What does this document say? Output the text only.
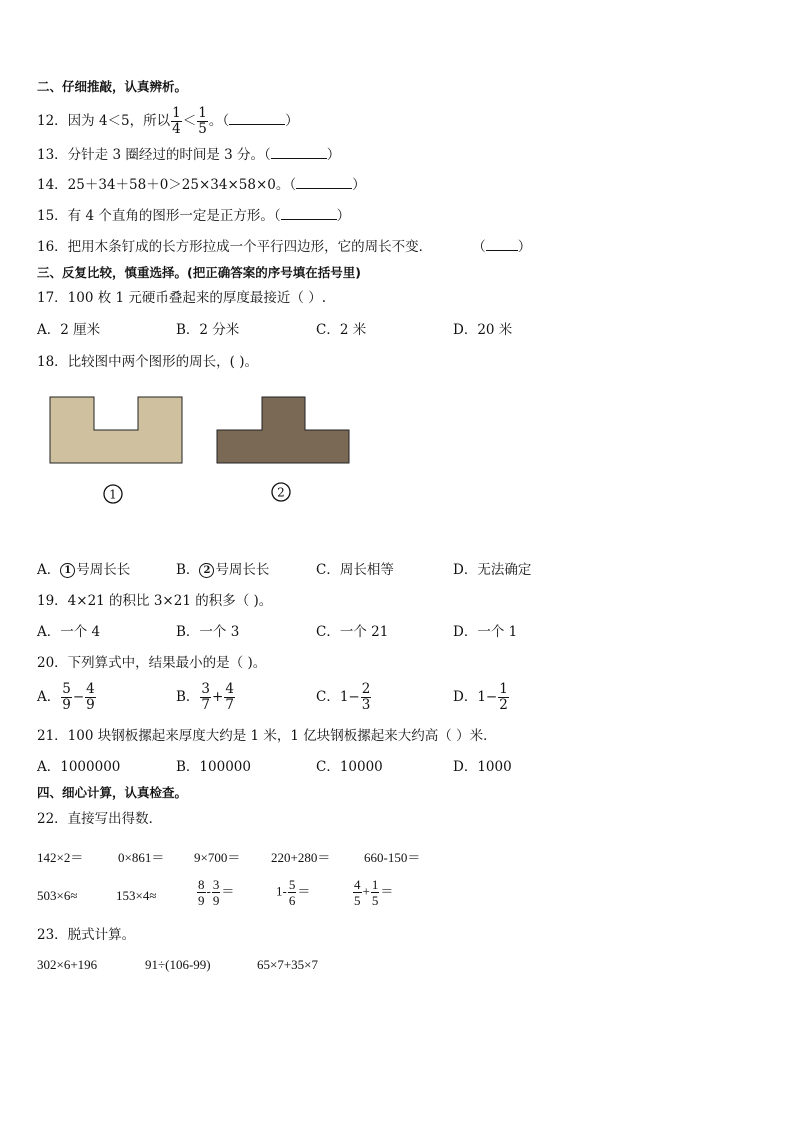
二、仔细推敲，认真辨析。
12．因为 4＜5，所以 $\frac{1}{4} < \frac{1}{5}$ 。（	）
13．分针走 3 圈经过的时间是 3 分。（	）
14．25＋34＋58＋0＞25×34×58×0。（	）
15．有 4 个直角的图形一定是正方形。（	）
16．把用木条钉成的长方形拉成一个平行四边形，它的周长不变．	（ ）
三、反复比较，慎重选择。(把正确答案的序号填在括号里)
17．100 枚 1 元硬币叠起来的厚度最接近（ ）.
A．2 厘米	B．2 分米	C．2 米	D．20 米
18．比较图中两个图形的周长，( )。
1	2
A． 1 号周长长	B． 2 号周长长	C．周长相等	D．无法确定
19．4×21 的积比 3×21 的积多（ )。
A．一个 4	B．一个 3	C．一个 21	D．一个 1
20．下列算式中，结果最小的是（ )。
A． $\frac{5}{9} - \frac{4}{9}$	B． $\frac{3}{7} + \frac{4}{7}$	C．$1- \frac{2}{3}$	D．$1- \frac{1}{2}$
21．100 块钢板摞起来厚度大约是 1 米，1 亿块钢板摞起来大约高（ ）米．
A．1000000	B．100000	C．10000	D．1000
四、细心计算，认真检查。
22．直接写出得数．
142×2＝	0×861＝ 9×700＝ 220+280＝	660-150＝
503×6≈	153×4≈	$\frac{8}{9} - \frac{3}{9}$ ＝	$1- \frac{5}{6}$ ＝	$\frac{4}{5} + \frac{1}{5}$ ＝
23．脱式计算。
302×6+196	91÷(106-99)	65×7+35×7
